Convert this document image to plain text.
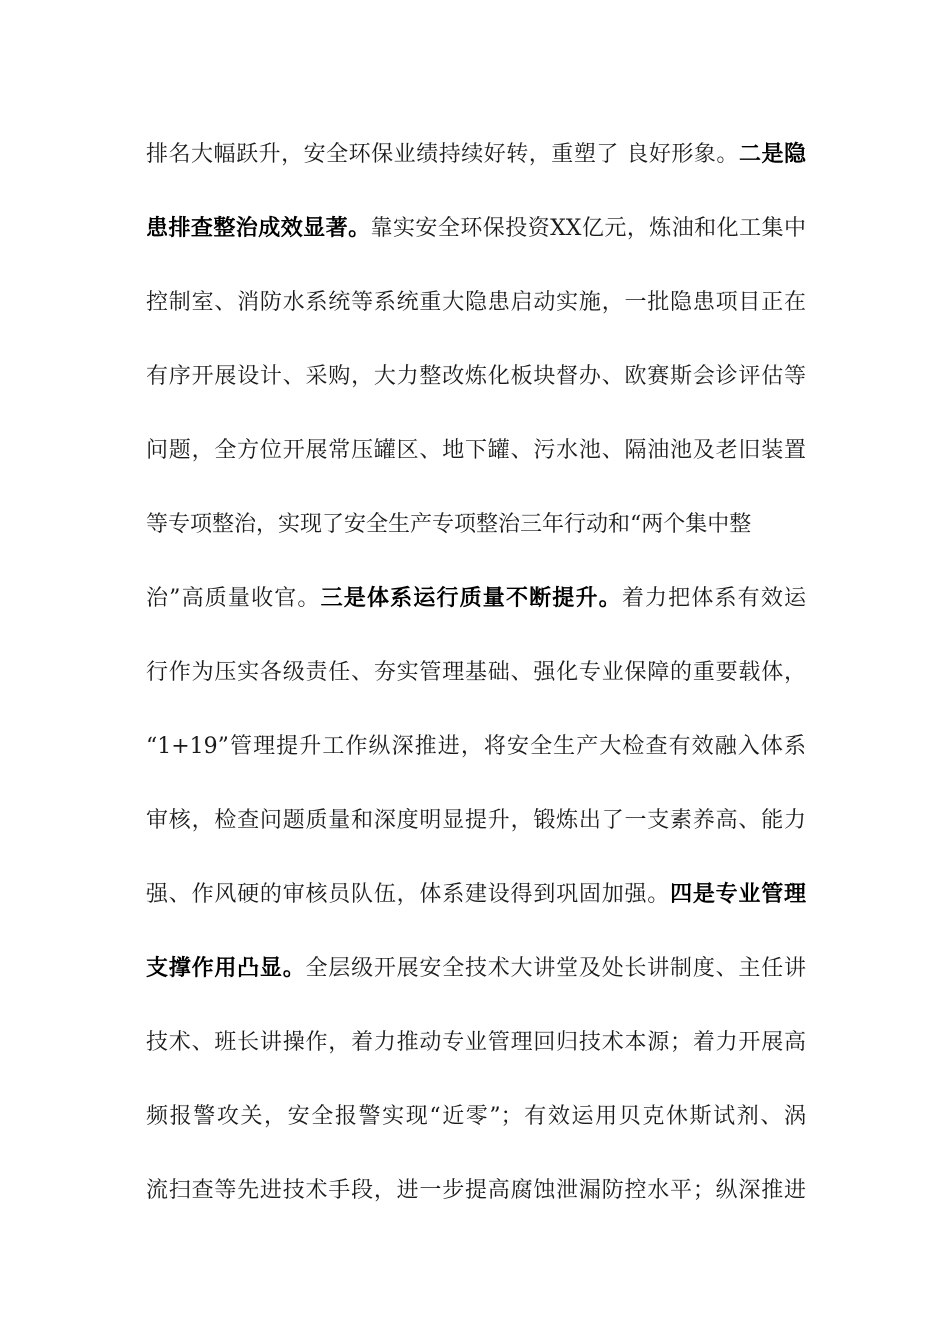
排名大幅跃升，安全环保业绩持续好转，重塑了 良好形象。二是隐
患排查整治成效显著。靠实安全环保投资XX亿元，炼油和化工集中
控制室、消防水系统等系统重大隐患启动实施，一批隐患项目正在
有序开展设计、采购，大力整改炼化板块督办、欧赛斯会诊评估等
问题，全方位开展常压罐区、地下罐、污水池、隔油池及老旧装置
等专项整治，实现了安全生产专项整治三年行动和“两个集中整
治”高质量收官。三是体系运行质量不断提升。着力把体系有效运
行作为压实各级责任、夯实管理基础、强化专业保障的重要载体，
“1+19”管理提升工作纵深推进，将安全生产大检查有效融入体系
审核，检查问题质量和深度明显提升，锻炼出了一支素养高、能力
强、作风硬的审核员队伍，体系建设得到巩固加强。四是专业管理
支撑作用凸显。全层级开展安全技术大讲堂及处长讲制度、主任讲
技术、班长讲操作，着力推动专业管理回归技术本源；着力开展高
频报警攻关，安全报警实现“近零”；有效运用贝克休斯试剂、涡
流扫查等先进技术手段，进一步提高腐蚀泄漏防控水平；纵深推进
